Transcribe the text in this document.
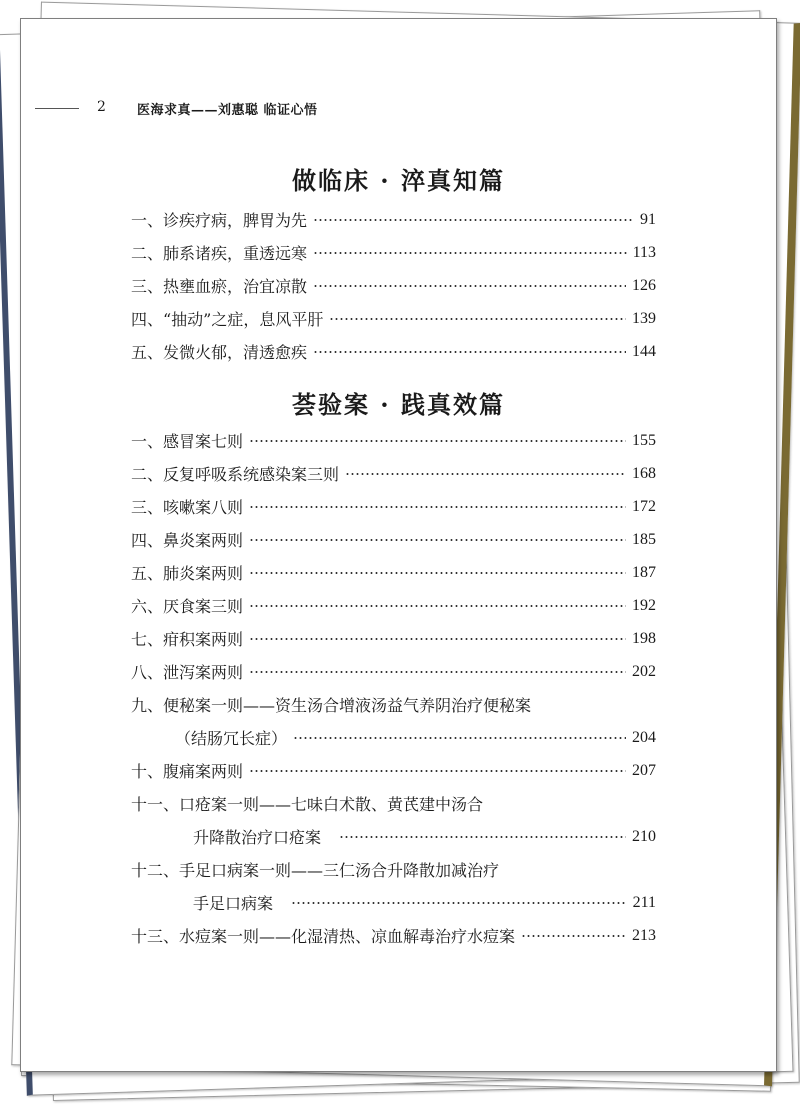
2 医海求真——刘惠聪 临证心悟
做临床 · 淬真知篇
一、诊疾疗病，脾胃为先	91
二、肺系诸疾，重透远寒	113
三、热壅血瘀，治宜凉散	126
四、“抽动”之症，息风平肝	139
五、发微火郁，清透愈疾	144
荟验案 · 践真效篇
一、感冒案七则	155
二、反复呼吸系统感染案三则	168
三、咳嗽案八则	172
四、鼻炎案两则	185
五、肺炎案两则	187
六、厌食案三则	192
七、疳积案两则	198
八、泄泻案两则	202
九、便秘案一则——资生汤合增液汤益气养阴治疗便秘案
（结肠冗长症）	204
十、腹痛案两则	207
十一、口疮案一则——七味白术散、黄芪建中汤合
升降散治疗口疮案	210
十二、手足口病案一则——三仁汤合升降散加减治疗
手足口病案	211
十三、水痘案一则——化湿清热、凉血解毒治疗水痘案	213
